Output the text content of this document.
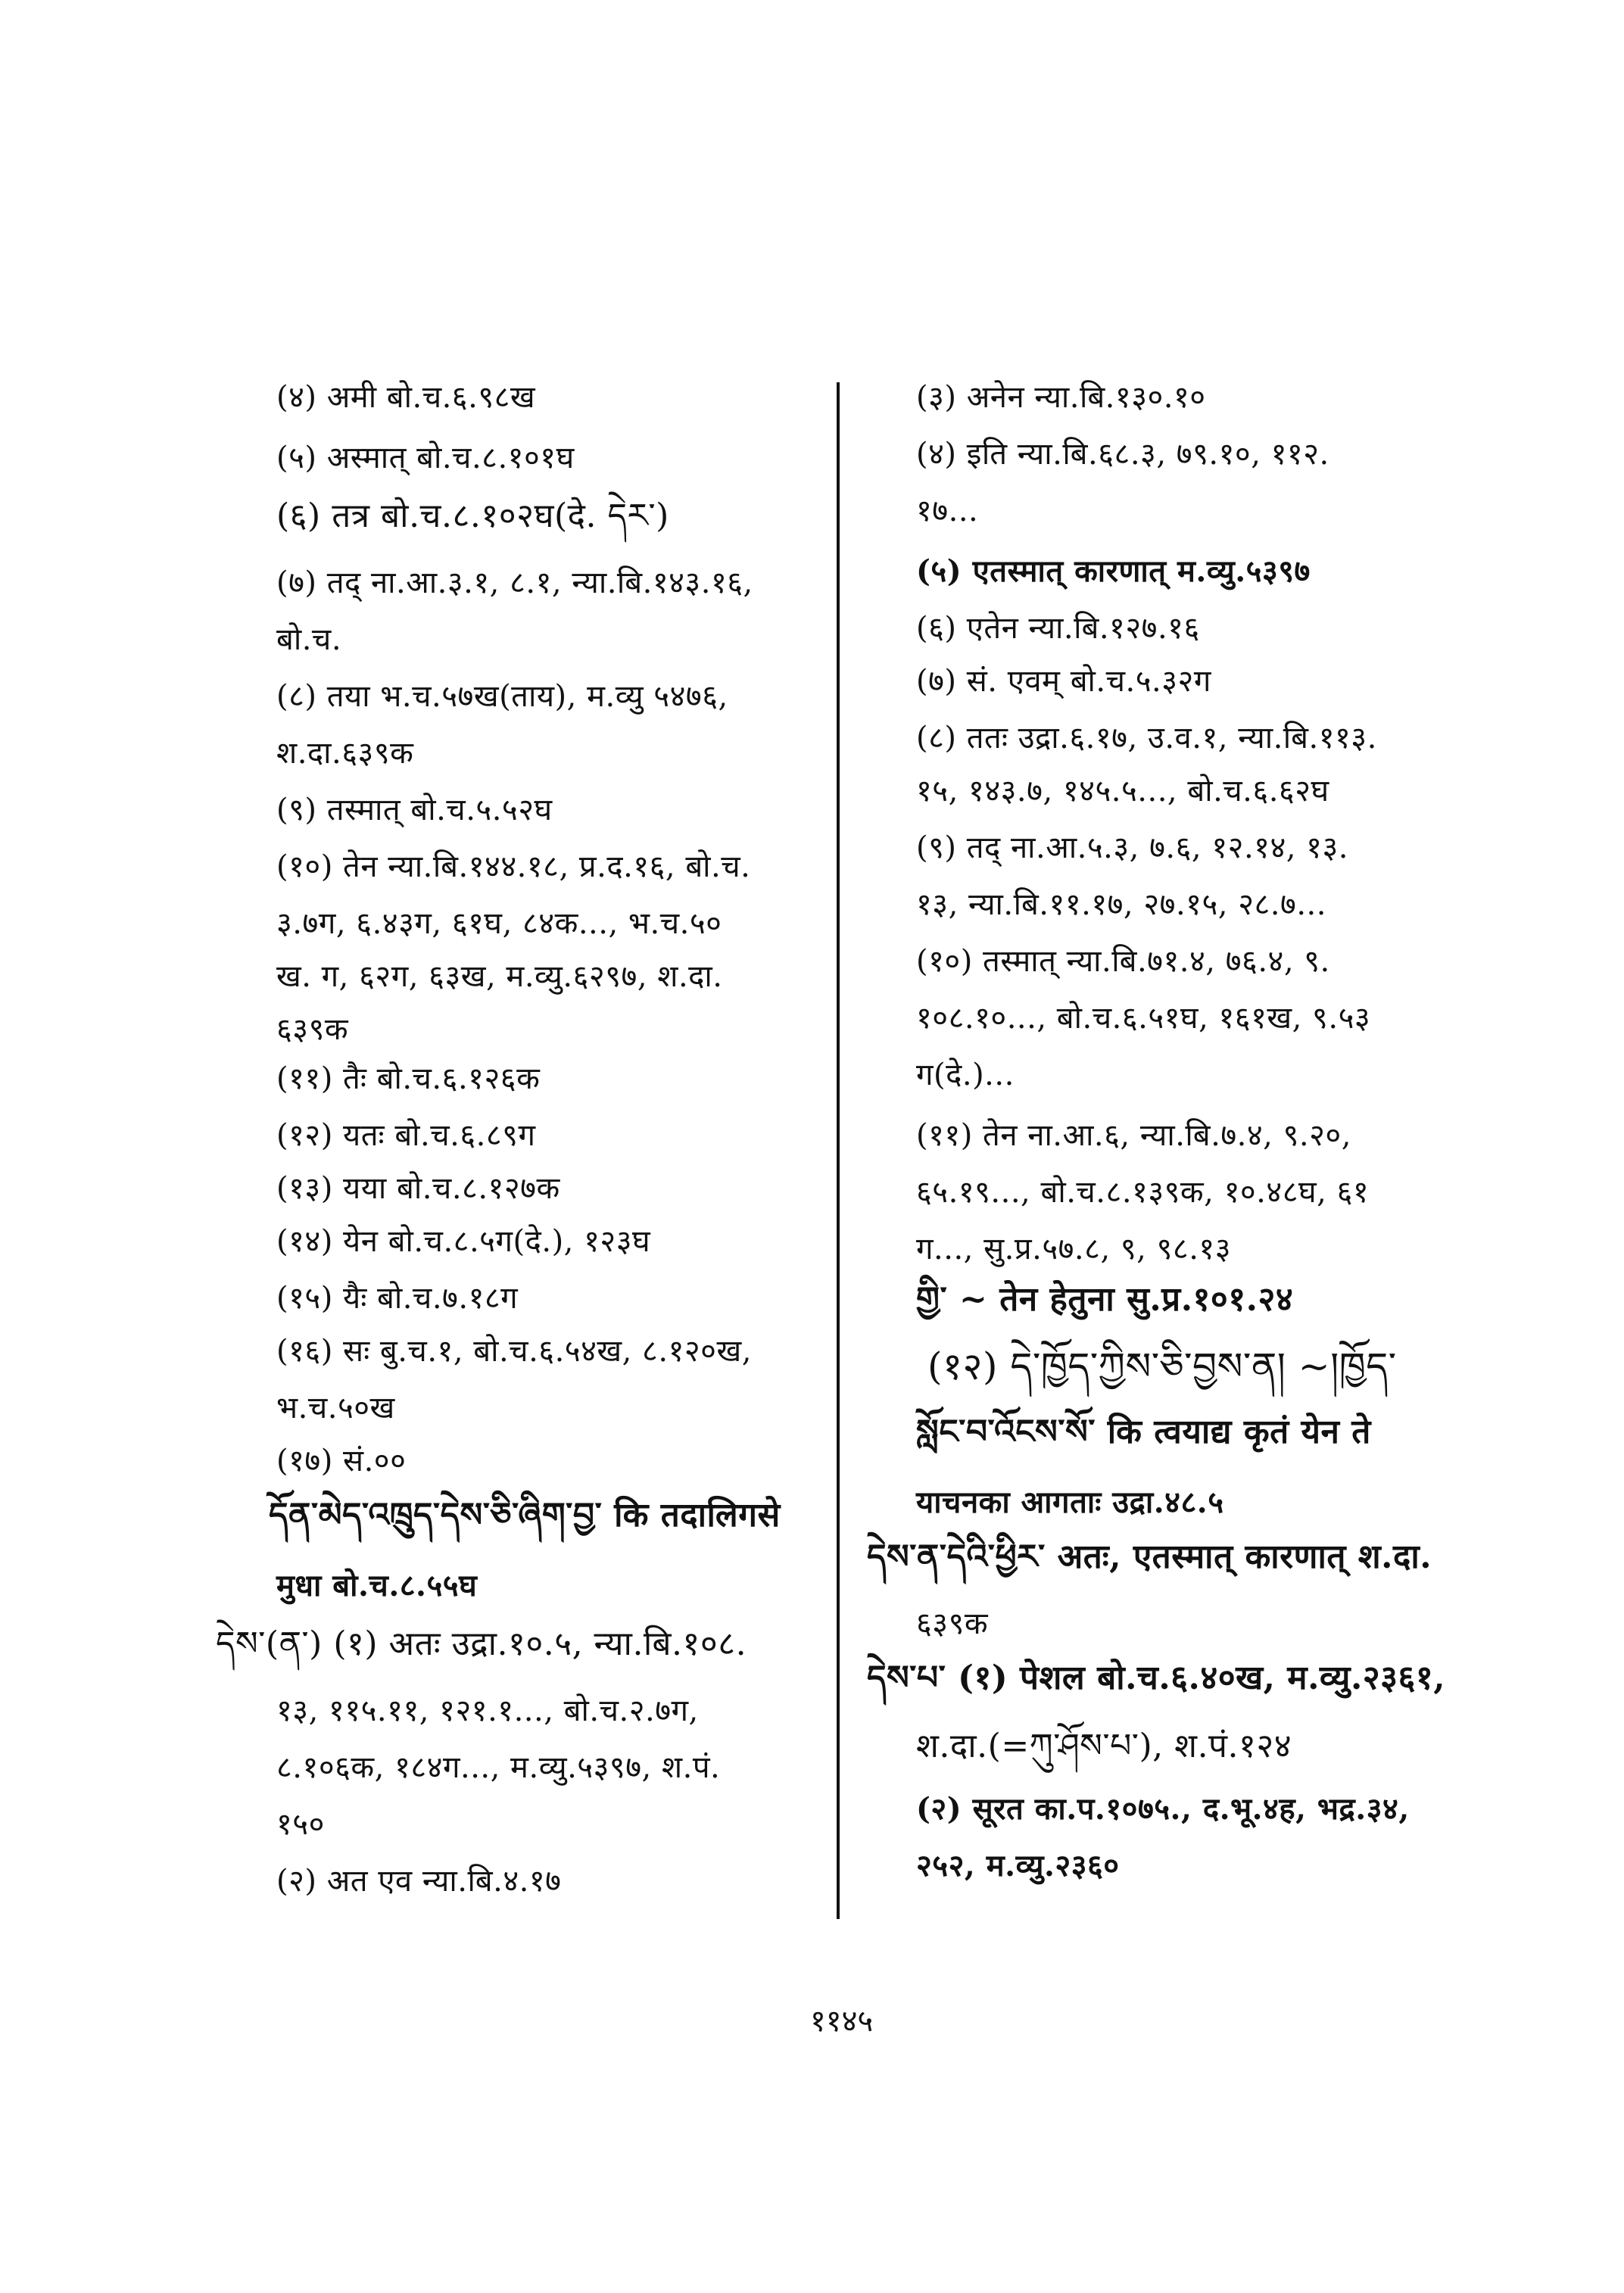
(४) अमी बो.च.६.९८ख
(५) अस्मात् बो.च.८.१०१घ
(६) तत्र बो.च.८.१०२घ(दे. དེར་)
(७) तद् ना.आ.३.१, ८.१, न्या.बि.१४३.१६,
बो.च.
(८) तया भ.च.५७ख(ताय), म.व्यु ५४७६,
श.दा.६३९क
(९) तस्मात् बो.च.५.५२घ
(१०) तेन न्या.बि.१४४.१८, प्र.द.१६, बो.च.
३.७ग, ६.४३ग, ६१घ, ८४क..., भ.च.५०
ख. ग, ६२ग, ६३ख, म.व्यु.६२९७, श.दा.
६३९क
(११) तैः बो.च.६.१२६क
(१२) यतः बो.च.६.८९ग
(१३) यया बो.च.८.१२७क
(१४) येन बो.च.८.५ग(दे.), १२३घ
(१५) यैः बो.च.७.१८ग
(१६) सः बु.च.१, बो.च.६.५४ख, ८.१२०ख,
भ.च.५०ख
(१७) सं.००
དོན་མེད་འཁྲུད་དེས་ཅི་ཞིག་བྱ་ कि तदालिगसे
मुधा बो.च.८.५५घ
དེས་(ན་) (१) अतः उद्रा.१०.५, न्या.बि.१०८.
१३, ११५.११, १२१.१..., बो.च.२.७ग,
८.१०६क, १८४ग..., म.व्यु.५३९७, श.पं.
१५०
(२) अत एव न्या.बि.४.१७
(३) अनेन न्या.बि.१३०.१०
(४) इति न्या.बि.६८.३, ७९.१०, ११२.
१७...
(५) एतस्मात् कारणात् म.व्यु.५३९७
(६) एतेन न्या.बि.१२७.१६
(७) सं. एवम् बो.च.५.३२ग
(८) ततः उद्रा.६.१७, उ.व.१, न्या.बि.११३.
१५, १४३.७, १४५.५..., बो.च.६.६२घ
(९) तद् ना.आ.५.३, ७.६, १२.१४, १३.
१३, न्या.बि.११.१७, २७.१५, २८.७...
(१०) तस्मात् न्या.बि.७१.४, ७६.४, ९.
१०८.१०..., बो.च.६.५१घ, १६१ख, ९.५३
ग(दे.)...
(११) तेन ना.आ.६, न्या.बि.७.४, ९.२०,
६५.१९..., बो.च.८.१३९क, १०.४८घ, ६१
ग..., सु.प्र.५७.८, ९, ९८.१३
གྱི་ ~ तेन हेतुना सु.प्र.१०१.२४
(१२) དེ་ཁྱོད་ཀྱིས་ཅི་བྱས་ན། ~།ཁྱོད་
སློང་བ་འོངས་སོ་ कि त्वयाद्य कृतं येन ते
याचनका आगताः उद्रा.४८.५
དེས་ན་དེའི་ཕྱིར་ अतः, एतस्मात् कारणात् श.दा.
६३९क
དེས་པ་ (१) पेशल बो.च.६.४०ख, म.व्यु.२३६१,
श.दा.(=ཀུ་ཤོས་པ་), श.पं.१२४
(२) सूरत का.प.१०७५., द.भू.४ह, भद्र.३४,
२५२, म.व्यु.२३६०
११४५
